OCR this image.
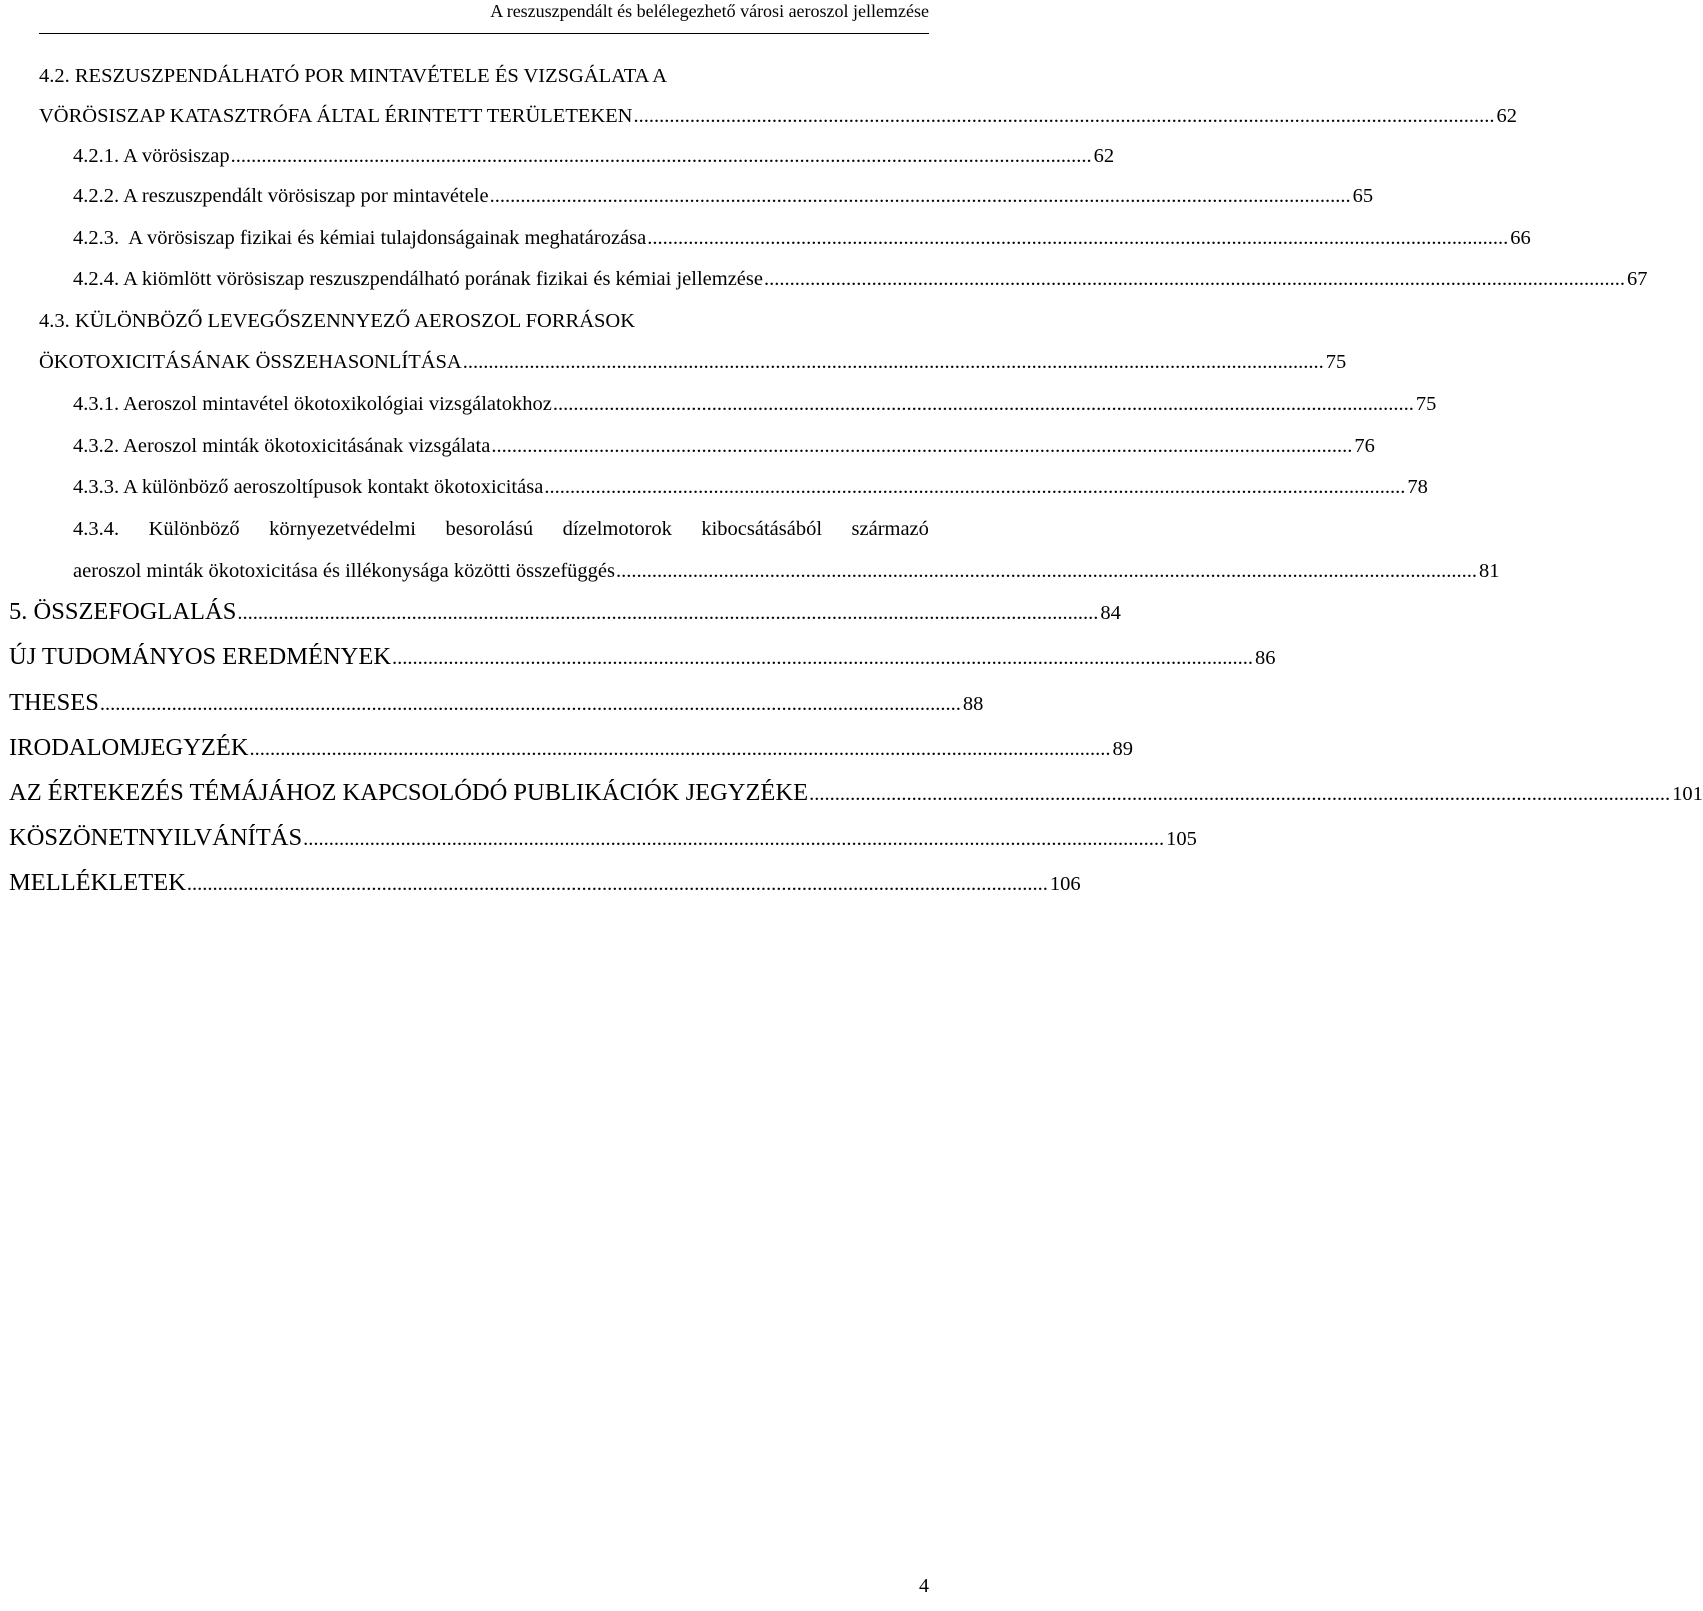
A reszuszpendált és belélegezhető városi aeroszol jellemzése
4.2. RESZUSZPENDÁLHATÓ POR MINTAVÉTELE ÉS VIZSGÁLATA A
VÖRÖSISZAP KATASZTRÓFA ÁLTAL ÉRINTETT TERÜLETEKEN ........................................................................................................................................................................ 62
4.2.1. A vörösiszap ........................................................................................................................................................................ 62
4.2.2. A reszuszpendált vörösiszap por mintavétele ........................................................................................................................................................................ 65
4.2.3.  A vörösiszap fizikai és kémiai tulajdonságainak meghatározása ........................................................................................................................................................................ 66
4.2.4. A kiömlött vörösiszap reszuszpendálható porának fizikai és kémiai jellemzése ........................................................................................................................................................................ 67
4.3. KÜLÖNBÖZŐ LEVEGŐSZENNYEZŐ AEROSZOL FORRÁSOK
ÖKOTOXICITÁSÁNAK ÖSSZEHASONLÍTÁSA ........................................................................................................................................................................ 75
4.3.1. Aeroszol mintavétel ökotoxikológiai vizsgálatokhoz ........................................................................................................................................................................ 75
4.3.2. Aeroszol minták ökotoxicitásának vizsgálata ........................................................................................................................................................................ 76
4.3.3. A különböző aeroszoltípusok kontakt ökotoxicitása ........................................................................................................................................................................ 78
4.3.4. Különböző környezetvédelmi besorolású dízelmotorok kibocsátásából származó
aeroszol minták ökotoxicitása és illékonysága közötti összefüggés ........................................................................................................................................................................ 81
5. ÖSSZEFOGLALÁS ........................................................................................................................................................................ 84
ÚJ TUDOMÁNYOS EREDMÉNYEK ........................................................................................................................................................................ 86
THESES ........................................................................................................................................................................ 88
IRODALOMJEGYZÉK ........................................................................................................................................................................ 89
AZ ÉRTEKEZÉS TÉMÁJÁHOZ KAPCSOLÓDÓ PUBLIKÁCIÓK JEGYZÉKE ........................................................................................................................................................................ 101
KÖSZÖNETNYILVÁNÍTÁS ........................................................................................................................................................................ 105
MELLÉKLETEK ........................................................................................................................................................................ 106
4
